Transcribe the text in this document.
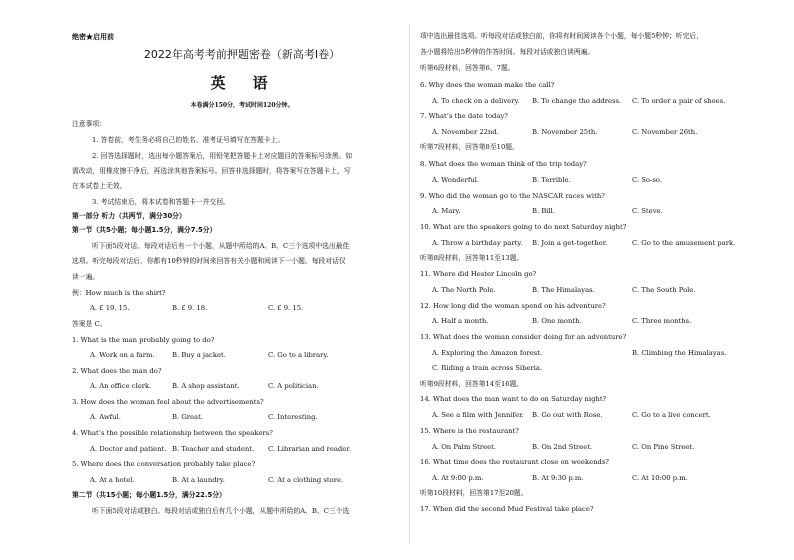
绝密★启用前
2022年高考考前押题密卷（新高考Ⅰ卷）
英　语
本卷满分150分，考试时间120分钟。
注意事项：
1. 答卷前，考生务必将自己的姓名、准考证号填写在答题卡上。
2. 回答选择题时，选出每小题答案后，用铅笔把答题卡上对应题目的答案标号涂黑。如
需改动，用橡皮擦干净后，再选涂其他答案标号。回答非选择题时，将答案写在答题卡上，写
在本试卷上无效。
3. 考试结束后，将本试卷和答题卡一并交回。
第一部分 听力（共两节，满分30分）
第一节（共5小题；每小题1.5分，满分7.5分）
听下面5段对话。每段对话后有一个小题，从题中所给的A、B、C三个选项中选出最佳
选项。听完每段对话后，你都有10秒钟的时间来回答有关小题和阅读下一小题。每段对话仅
读一遍。
例：How much is the shirt?
A. £ 19. 15.	B. £ 9. 18.	C. £ 9. 15.
答案是 C。
1. What is the man probably going to do?
A. Work on a farm.	B. Buy a jacket.	C. Go to a library.
2. What does the man do?
A. An office clerk.	B. A shop assistant.	C. A politician.
3. How does the woman feel about the advertisements?
A. Awful.	B. Great.	C. Interesting.
4. What’s the possible relationship between the speakers?
A. Doctor and patient. B. Teacher and student. C. Librarian and reader.
5. Where does the conversation probably take place?
A. At a hotel.	B. At a laundry.	C. At a clothing store.
第二节（共15小题；每小题1.5分，满分22.5分）
听下面5段对话或独白。每段对话或独白后有几个小题，从题中所给的A、B、C三个选
项中选出最佳选项。听每段对话或独白前，你将有时间阅读各个小题，每小题5秒钟；听完后，
各小题将给出5秒钟的作答时间。每段对话或独白读两遍。
听第6段材料，回答第6、7题。
6. Why does the woman make the call?
A. To check on a delivery. B. To change the address. C. To order a pair of shoes.
7. What’s the date today?
A. November 22nd.	B. November 25th.	C. November 26th.
听第7段材料，回答第8至10题。
8. What does the woman think of the trip today?
A. Wonderful.	B. Terrible.	C. So-so.
9. Who did the woman go to the NASCAR races with?
A. Mary.	B. Bill.	C. Steve.
10. What are the speakers going to do next Saturday night?
A. Throw a birthday party. B. Join a get-together.	C. Go to the amusement park.
听第8段材料，回答第11至13题。
11. Where did Hester Lincoln go?
A. The North Pole.	B. The Himalayas.	C. The South Pole.
12. How long did the woman spend on his adventure?
A. Half a month.	B. One month.	C. Three months.
13. What does the woman consider doing for an adventure?
A. Exploring the Amazon forest.	B. Climbing the Himalayas.
C. Riding a train across Siberia.
听第9段材料，回答第14至16题。
14. What does the man want to do on Saturday night?
A. See a film with Jennifer. B. Go out with Rose.	C. Go to a live concert.
15. Where is the restaurant?
A. On Palm Street.	B. On 2nd Street.	C. On Pine Street.
16. What time does the restaurant close on weekends?
A. At 9:00 p.m.	B. At 9:30 p.m.	C. At 10:00 p.m.
听第10段材料，回答第17至20题。
17. When did the second Mud Festival take place?
